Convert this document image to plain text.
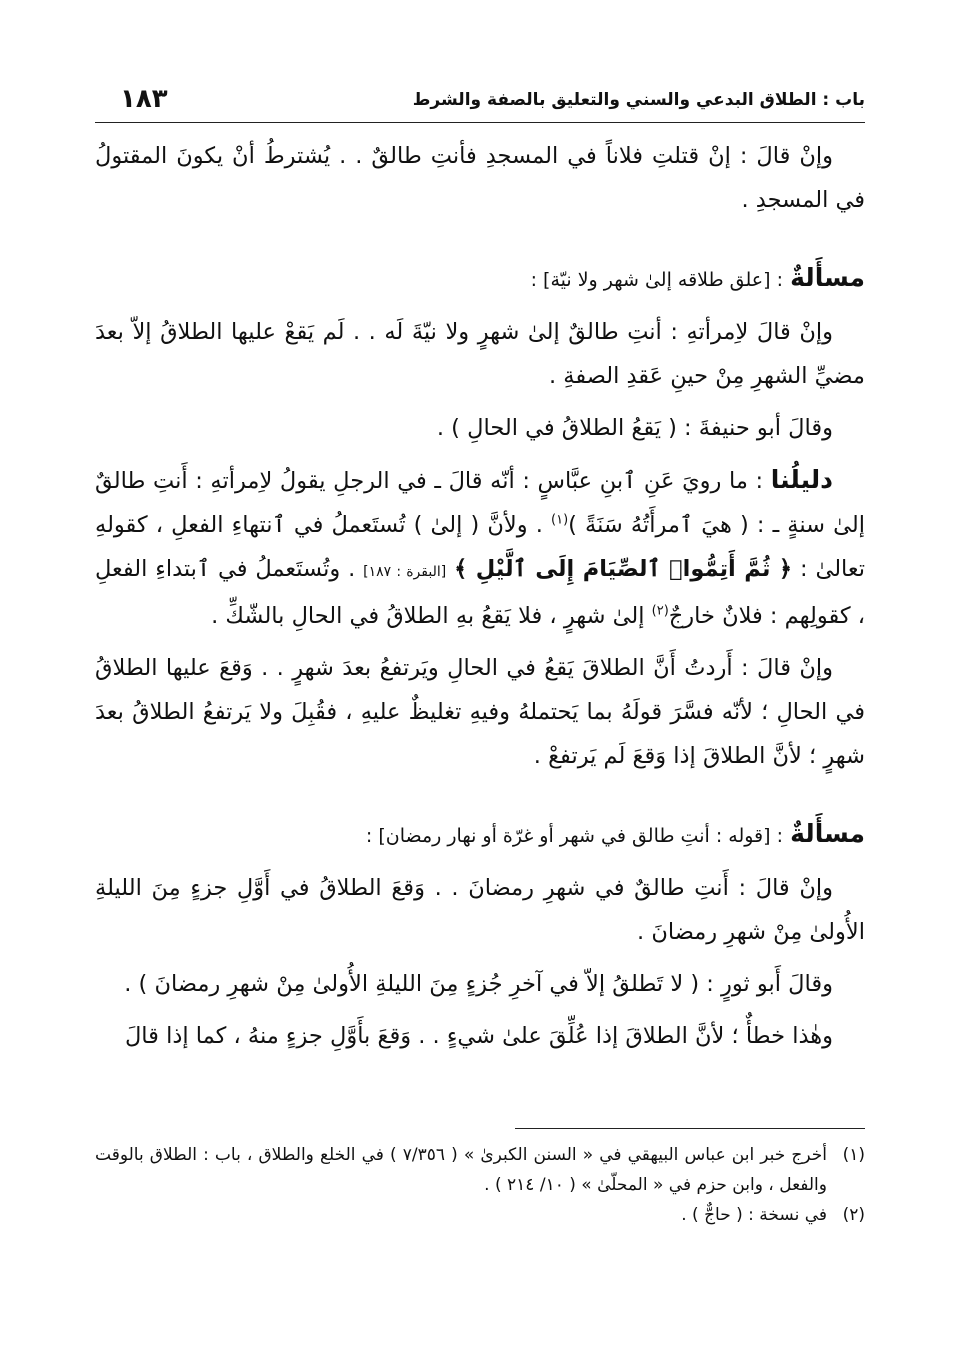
باب : الطلاق البدعي والسني والتعليق بالصفة والشرط
١٨٣

وإنْ قالَ : إنْ قتلتِ فلاناً في المسجدِ فأنتِ طالقٌ . . يُشترطُ أنْ يكونَ المقتولُ في المسجدِ .

مسأَلةٌ : [علق طلاقه إلىٰ شهر ولا نيّة] :

وإنْ قالَ لاِمرأتهِ : أنتِ طالقٌ إلىٰ شهرٍ ولا نيّةَ لَه . . لَم يَقعْ عليها الطلاقُ إلاّ بعدَ مضيِّ الشهرِ مِنْ حينِ عَقدِ الصفةِ .

وقالَ أبو حنيفةَ : ( يَقعُ الطلاقُ في الحالِ ) .

دليلُنا : ما رويَ عَنِ ٱبنِ عبَّاسٍ : أنّه قالَ ـ في الرجلِ يقولُ لاِمرأتهِ : أَنتِ طالقٌ إلىٰ سنةٍ ـ : ( هيَ ٱمرأَتُهُ سَنَةً )$^{(١)}$ . ولأنَّ ( إلىٰ ) تُستَعملُ في ٱنتهاءِ الفعلِ ، كقولهِ تعالىٰ : ﴿ ثُمَّ أَتِمُّوا۟ ٱلصِّيَامَ إِلَى ٱلَّيْلِ ﴾ [البقرة : ١٨٧] . وتُستَعملُ في ٱبتداءِ الفعلِ ، كقولِهم : فلانٌ خارجٌ$^{(٢)}$ إلىٰ شهرٍ ، فلا يَقعُ بهِ الطلاقُ في الحالِ بالشّكِّ .

وإنْ قالَ : أَردتُ أَنَّ الطلاقَ يَقعُ في الحالِ ويَرتفعُ بعدَ شهرٍ . . وَقعَ عليها الطلاقُ في الحالِ ؛ لأنّه فسَّرَ قولَهُ بما يَحتملهُ وفيهِ تغليظٌ عليهِ ، فقُبِلَ ولا يَرتفعُ الطلاقُ بعدَ شهرٍ ؛ لأنَّ الطلاقَ إذا وَقعَ لَم يَرتفعْ .

مسأَلةٌ : [قوله : أنتِ طالق في شهر أو غرّة أو نهار رمضان] :

وإنْ قالَ : أَنتِ طالقٌ في شهرِ رمضانَ . . وَقعَ الطلاقُ في أَوَّلِ جزءٍ مِنَ الليلةِ الأُولىٰ مِنْ شهرِ رمضانَ .

وقالَ أَبو ثورٍ : ( لا تَطلقُ إلاّ في آخرِ جُزءٍ مِنَ الليلةِ الأُولىٰ مِنْ شهرِ رمضانَ ) .

وهٰذا خطأٌ ؛ لأنَّ الطلاقَ إذا عُلِّقَ علىٰ شيءٍ . . وَقعَ بأَوَّلِ جزءٍ منهُ ، كما إذا قالَ

(١)
أخرج خبر ابن عباس البيهقي في « السنن الكبرىٰ » ( ٧/٣٥٦ ) في الخلع والطلاق ، باب : الطلاق بالوقت والفعل ، وابن حزم في « المحلّىٰ » ( ١٠/ ٢١٤ ) .
(٢)
في نسخة : ( حاجٌّ ) .
